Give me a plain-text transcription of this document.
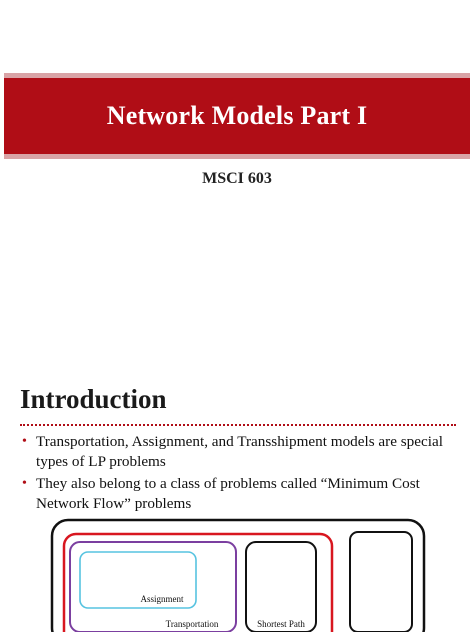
Network Models Part I
MSCI 603
Introduction
• Transportation, Assignment, and Transshipment models are special types of LP problems
• They also belong to a class of problems called “Minimum Cost Network Flow” problems
Assignment
Transportation	Shortest Path
